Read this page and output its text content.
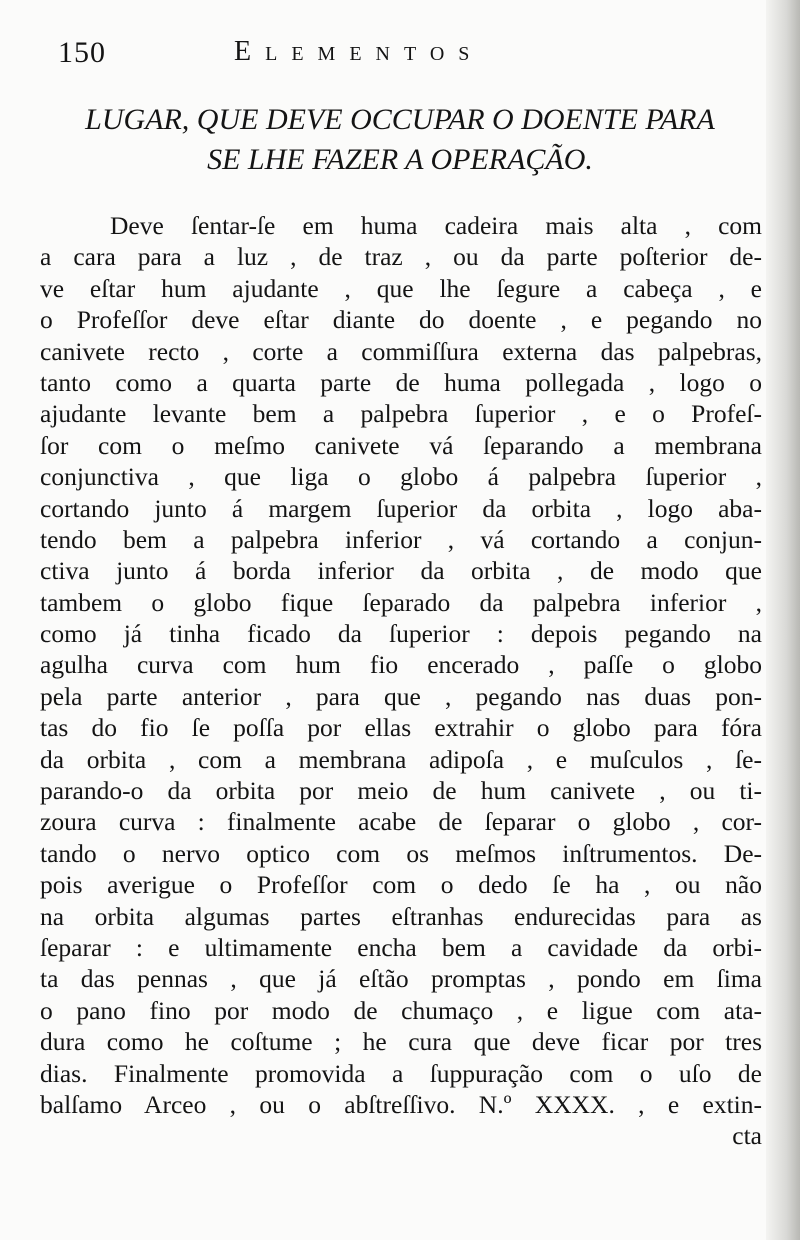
150	Elementos
LUGAR, QUE DEVE OCCUPAR O DOENTE PARA
SE LHE FAZER A OPERAÇÃO.
Deve ſentar-ſe em huma cadeira mais alta , com
a cara para a luz , de traz , ou da parte poſterior de-
ve eſtar hum ajudante , que lhe ſegure a cabeça , e
o Profeſſor deve eſtar diante do doente , e pegando no
canivete recto , corte a commiſſura externa das palpebras,
tanto como a quarta parte de huma pollegada , logo o
ajudante levante bem a palpebra ſuperior , e o Profeſ-
ſor com o meſmo canivete vá ſeparando a membrana
conjunctiva , que liga o globo á palpebra ſuperior ,
cortando junto á margem ſuperior da orbita , logo aba-
tendo bem a palpebra inferior , vá cortando a conjun-
ctiva junto á borda inferior da orbita , de modo que
tambem o globo fique ſeparado da palpebra inferior ,
como já tinha ficado da ſuperior : depois pegando na
agulha curva com hum fio encerado , paſſe o globo
pela parte anterior , para que , pegando nas duas pon-
tas do fio ſe poſſa por ellas extrahir o globo para fóra
da orbita , com a membrana adipoſa , e muſculos , ſe-
parando-o da orbita por meio de hum canivete , ou ti-
zoura curva : finalmente acabe de ſeparar o globo , cor-
tando o nervo optico com os meſmos inſtrumentos. De-
pois averigue o Profeſſor com o dedo ſe ha , ou não
na orbita algumas partes eſtranhas endurecidas para as
ſeparar : e ultimamente encha bem a cavidade da orbi-
ta das pennas , que já eſtão promptas , pondo em ſima
o pano fino por modo de chumaço , e ligue com ata-
dura como he coſtume ; he cura que deve ficar por tres
dias. Finalmente promovida a ſuppuração com o uſo de
balſamo Arceo , ou o abſtreſſivo. N.º XXXX. , e extin-
cta
